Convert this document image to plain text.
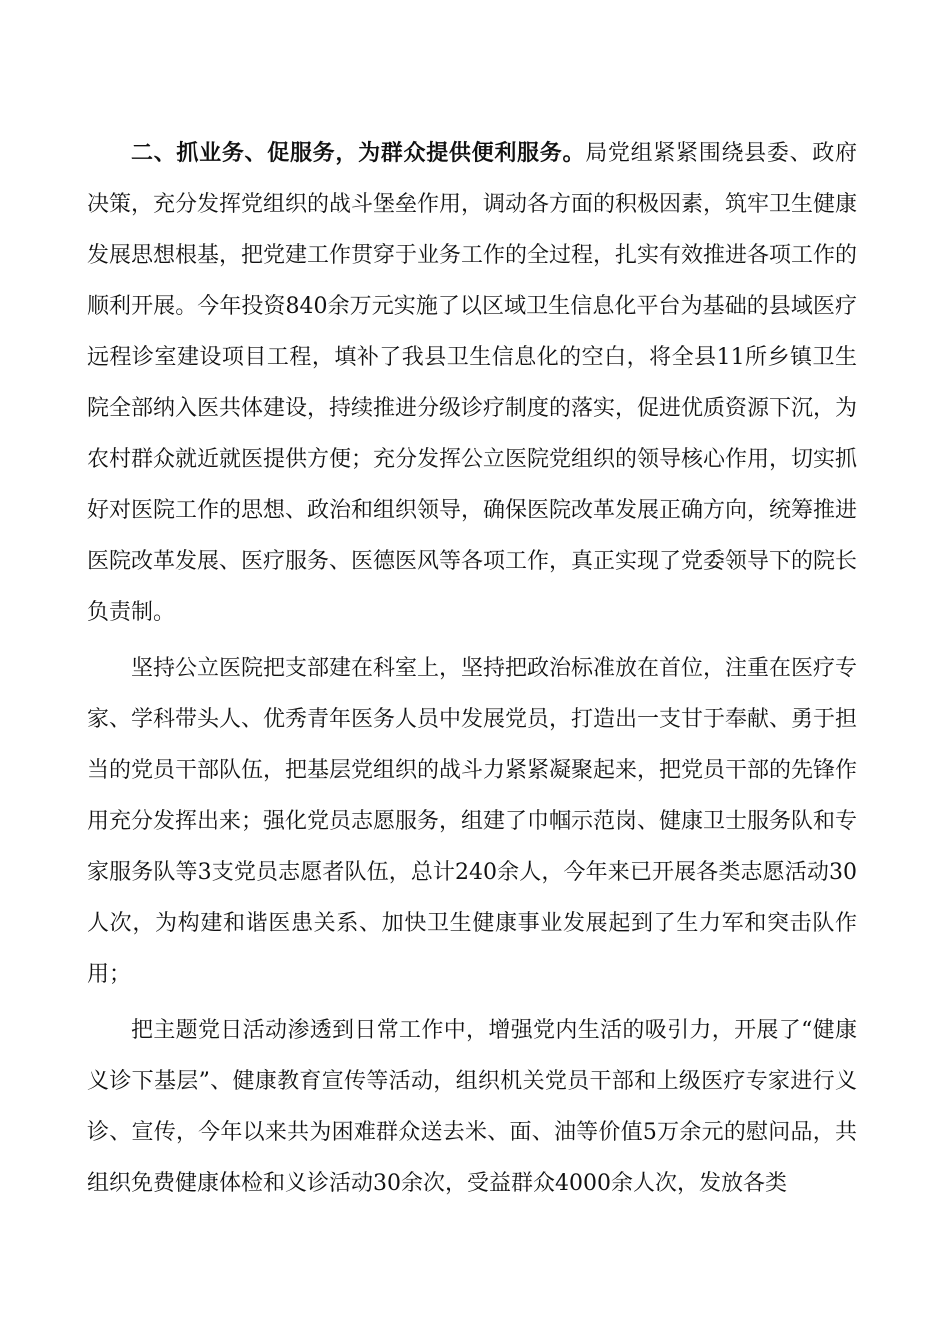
二、抓业务、促服务，为群众提供便利服务。局党组紧紧围绕县委、政府决策，充分发挥党组织的战斗堡垒作用，调动各方面的积极因素，筑牢卫生健康发展思想根基，把党建工作贯穿于业务工作的全过程，扎实有效推进各项工作的顺利开展。今年投资840余万元实施了以区域卫生信息化平台为基础的县域医疗远程诊室建设项目工程，填补了我县卫生信息化的空白，将全县11所乡镇卫生院全部纳入医共体建设，持续推进分级诊疗制度的落实，促进优质资源下沉，为农村群众就近就医提供方便；充分发挥公立医院党组织的领导核心作用，切实抓好对医院工作的思想、政治和组织领导，确保医院改革发展正确方向，统筹推进医院改革发展、医疗服务、医德医风等各项工作，真正实现了党委领导下的院长负责制。

坚持公立医院把支部建在科室上，坚持把政治标准放在首位，注重在医疗专家、学科带头人、优秀青年医务人员中发展党员，打造出一支甘于奉献、勇于担当的党员干部队伍，把基层党组织的战斗力紧紧凝聚起来，把党员干部的先锋作用充分发挥出来；强化党员志愿服务，组建了巾帼示范岗、健康卫士服务队和专家服务队等3支党员志愿者队伍，总计240余人，今年来已开展各类志愿活动30人次，为构建和谐医患关系、加快卫生健康事业发展起到了生力军和突击队作用；

把主题党日活动渗透到日常工作中，增强党内生活的吸引力，开展了“健康义诊下基层”、健康教育宣传等活动，组织机关党员干部和上级医疗专家进行义诊、宣传，今年以来共为困难群众送去米、面、油等价值5万余元的慰问品，共组织免费健康体检和义诊活动30余次，受益群众4000余人次，发放各类
